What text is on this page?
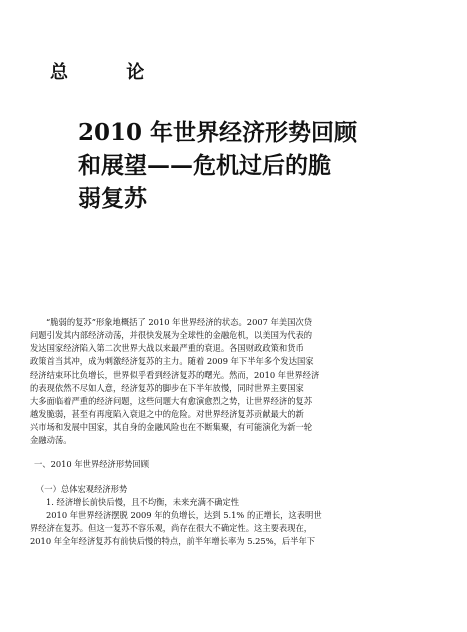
总 论
2010 年世界经济形势回顾
和展望——危机过后的脆
弱复苏
“脆弱的复苏”形象地概括了 2010 年世界经济的状态。2007 年美国次贷
问题引发其内部经济动荡，并很快发展为全球性的金融危机，以美国为代表的
发达国家经济陷入第二次世界大战以来最严重的衰退。各国财政政策和货币
政策首当其冲，成为刺激经济复苏的主力。随着 2009 年下半年多个发达国家
经济结束环比负增长，世界似乎看到经济复苏的曙光。然而，2010 年世界经济
的表现依然不尽如人意，经济复苏的脚步在下半年放慢，同时世界主要国家
大多面临着严重的经济问题，这些问题大有愈演愈烈之势，让世界经济的复苏
越发脆弱，甚至有再度陷入衰退之中的危险。对世界经济复苏贡献最大的新
兴市场和发展中国家，其自身的金融风险也在不断集聚，有可能演化为新一轮
金融动荡。
一、2010 年世界经济形势回顾
（一）总体宏观经济形势
1. 经济增长前快后慢，且不均衡，未来充满不确定性
2010 年世界经济摆脱 2009 年的负增长，达到 5.1% 的正增长，这表明世
界经济在复苏。但这一复苏不容乐观，尚存在很大不确定性。这主要表现在，
2010 年全年经济复苏有前快后慢的特点，前半年增长率为 5.25%，后半年下
